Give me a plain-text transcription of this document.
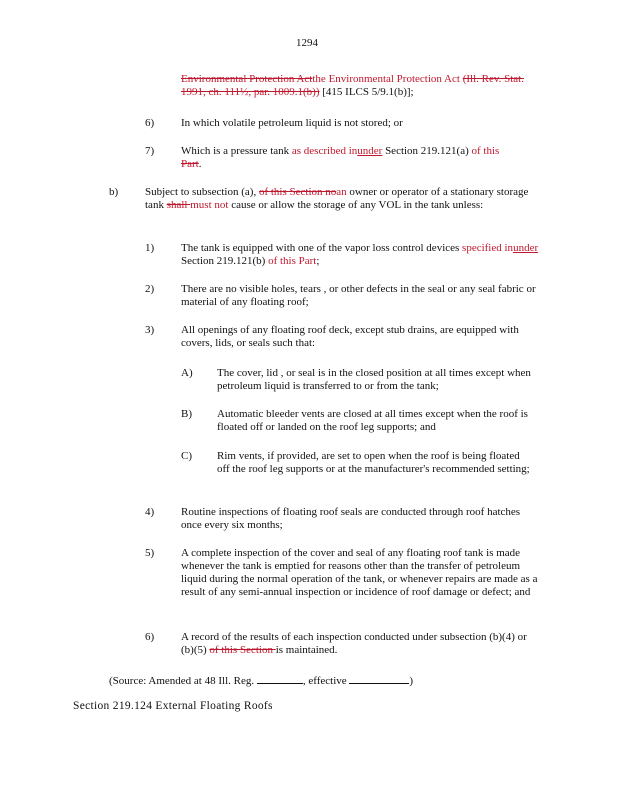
1294
Environmental Protection Actthe Environmental Protection Act (Ill. Rev. Stat. 1991, ch. 111½, par. 1009.1(b)) [415 ILCS 5/9.1(b)];
6) In which volatile petroleum liquid is not stored; or
7) Which is a pressure tank as described inunder Section 219.121(a) of this
Part.
b) Subject to subsection (a), of this Section noan owner or operator of a stationary storage tank shall must not cause or allow the storage of any VOL in the tank unless:
1) The tank is equipped with one of the vapor loss control devices specified inunder Section 219.121(b) of this Part;
2) There are no visible holes, tears , or other defects in the seal or any seal fabric or material of any floating roof;
3) All openings of any floating roof deck, except stub drains, are equipped with covers, lids, or seals such that:
A) The cover, lid , or seal is in the closed position at all times except when petroleum liquid is transferred to or from the tank;
B) Automatic bleeder vents are closed at all times except when the roof is floated off or landed on the roof leg supports; and
C) Rim vents, if provided, are set to open when the roof is being floated off the roof leg supports or at the manufacturer's recommended setting;
4) Routine inspections of floating roof seals are conducted through roof hatches once every six months;
5) A complete inspection of the cover and seal of any floating roof tank is made whenever the tank is emptied for reasons other than the transfer of petroleum liquid during the normal operation of the tank, or whenever repairs are made as a result of any semi-annual inspection or incidence of roof damage or defect; and
6) A record of the results of each inspection conducted under subsection (b)(4) or (b)(5) of this Section is maintained.
(Source: Amended at 48 Ill. Reg.	, effective	)
Section 219.124 External Floating Roofs
